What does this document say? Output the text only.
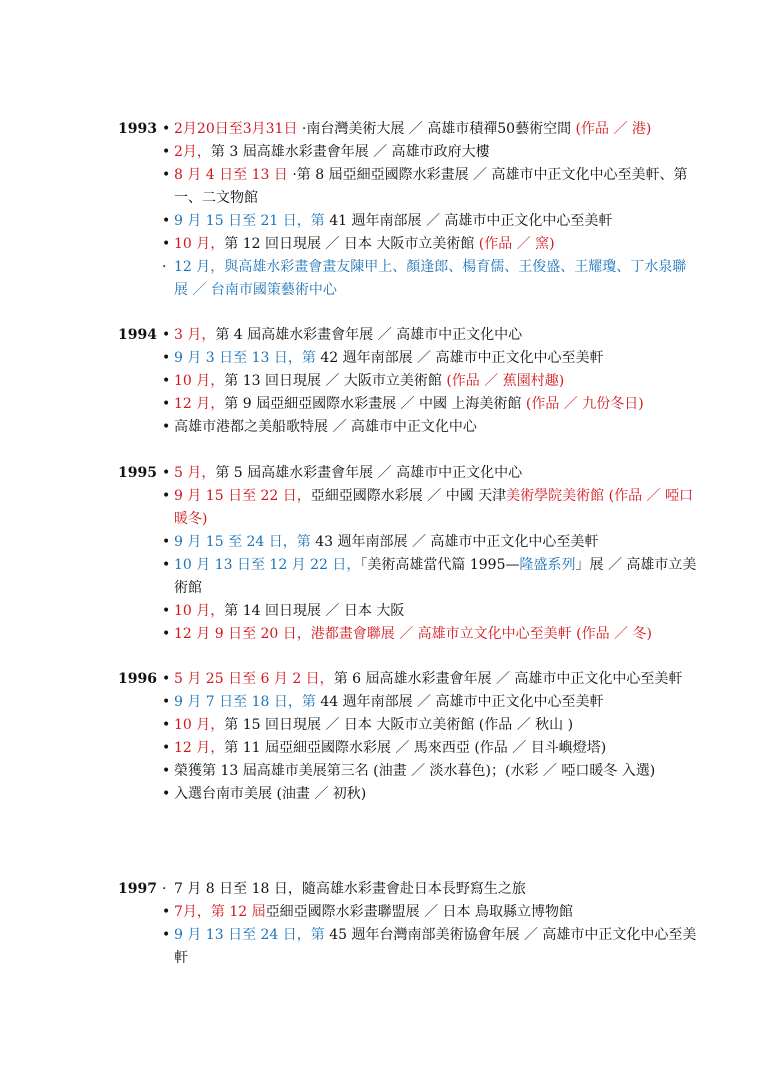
1993 • 2月20日至3月31日 ·南台灣美術大展 ／ 高雄市積禪50藝術空間 (作品 ／ 港)
• 2月，第 3 屆高雄水彩畫會年展 ／ 高雄市政府大樓
• 8 月 4 日至 13 日 ·第 8 屆亞細亞國際水彩畫展 ／ 高雄市中正文化中心至美軒、第一、二文物館
• 9 月 15 日至 21 日，第 41 週年南部展 ／ 高雄市中正文化中心至美軒
• 10 月，第 12 回日現展 ／ 日本 大阪市立美術館 (作品 ／ 窯)
· 12 月，與高雄水彩畫會畫友陳甲上、顏逢郎、楊育儒、王俊盛、王耀瓊、丁水泉聯展 ／ 台南市國策藝術中心
1994 • 3 月，第 4 屆高雄水彩畫會年展 ／ 高雄市中正文化中心
• 9 月 3 日至 13 日，第 42 週年南部展 ／ 高雄市中正文化中心至美軒
• 10 月，第 13 回日現展 ／ 大阪市立美術館 (作品 ／ 蕉園村趣)
• 12 月，第 9 屆亞細亞國際水彩畫展 ／ 中國 上海美術館 (作品 ／ 九份冬日)
• 高雄市港都之美船歌特展 ／ 高雄市中正文化中心
1995 • 5 月，第 5 屆高雄水彩畫會年展 ／ 高雄市中正文化中心
• 9 月 15 日至 22 日，亞細亞國際水彩展 ／ 中國 天津美術學院美術館 (作品 ／ 啞口暖冬)
• 9 月 15 至 24 日，第 43 週年南部展 ／ 高雄市中正文化中心至美軒
• 10 月 13 日至 12 月 22 日，「美術高雄當代篇 1995—隆盛系列」展 ／ 高雄市立美術館
• 10 月，第 14 回日現展 ／ 日本 大阪
• 12 月 9 日至 20 日，港都畫會聯展 ／ 高雄市立文化中心至美軒 (作品 ／ 冬)
1996 • 5 月 25 日至 6 月 2 日，第 6 屆高雄水彩畫會年展 ／ 高雄市中正文化中心至美軒
• 9 月 7 日至 18 日，第 44 週年南部展 ／ 高雄市中正文化中心至美軒
• 10 月，第 15 回日現展 ／ 日本 大阪市立美術館 (作品 ／ 秋山 )
• 12 月，第 11 屆亞細亞國際水彩展 ／ 馬來西亞 (作品 ／ 目斗嶼燈塔)
• 榮獲第 13 屆高雄市美展第三名 (油畫 ／ 淡水暮色)；(水彩 ／ 啞口暖冬 入選)
• 入選台南市美展 (油畫 ／ 初秋)
1997 · 7 月 8 日至 18 日，隨高雄水彩畫會赴日本長野寫生之旅
• 7月，第 12 屆亞細亞國際水彩畫聯盟展 ／ 日本 鳥取縣立博物館
• 9 月 13 日至 24 日，第 45 週年台灣南部美術協會年展 ／ 高雄市中正文化中心至美軒
